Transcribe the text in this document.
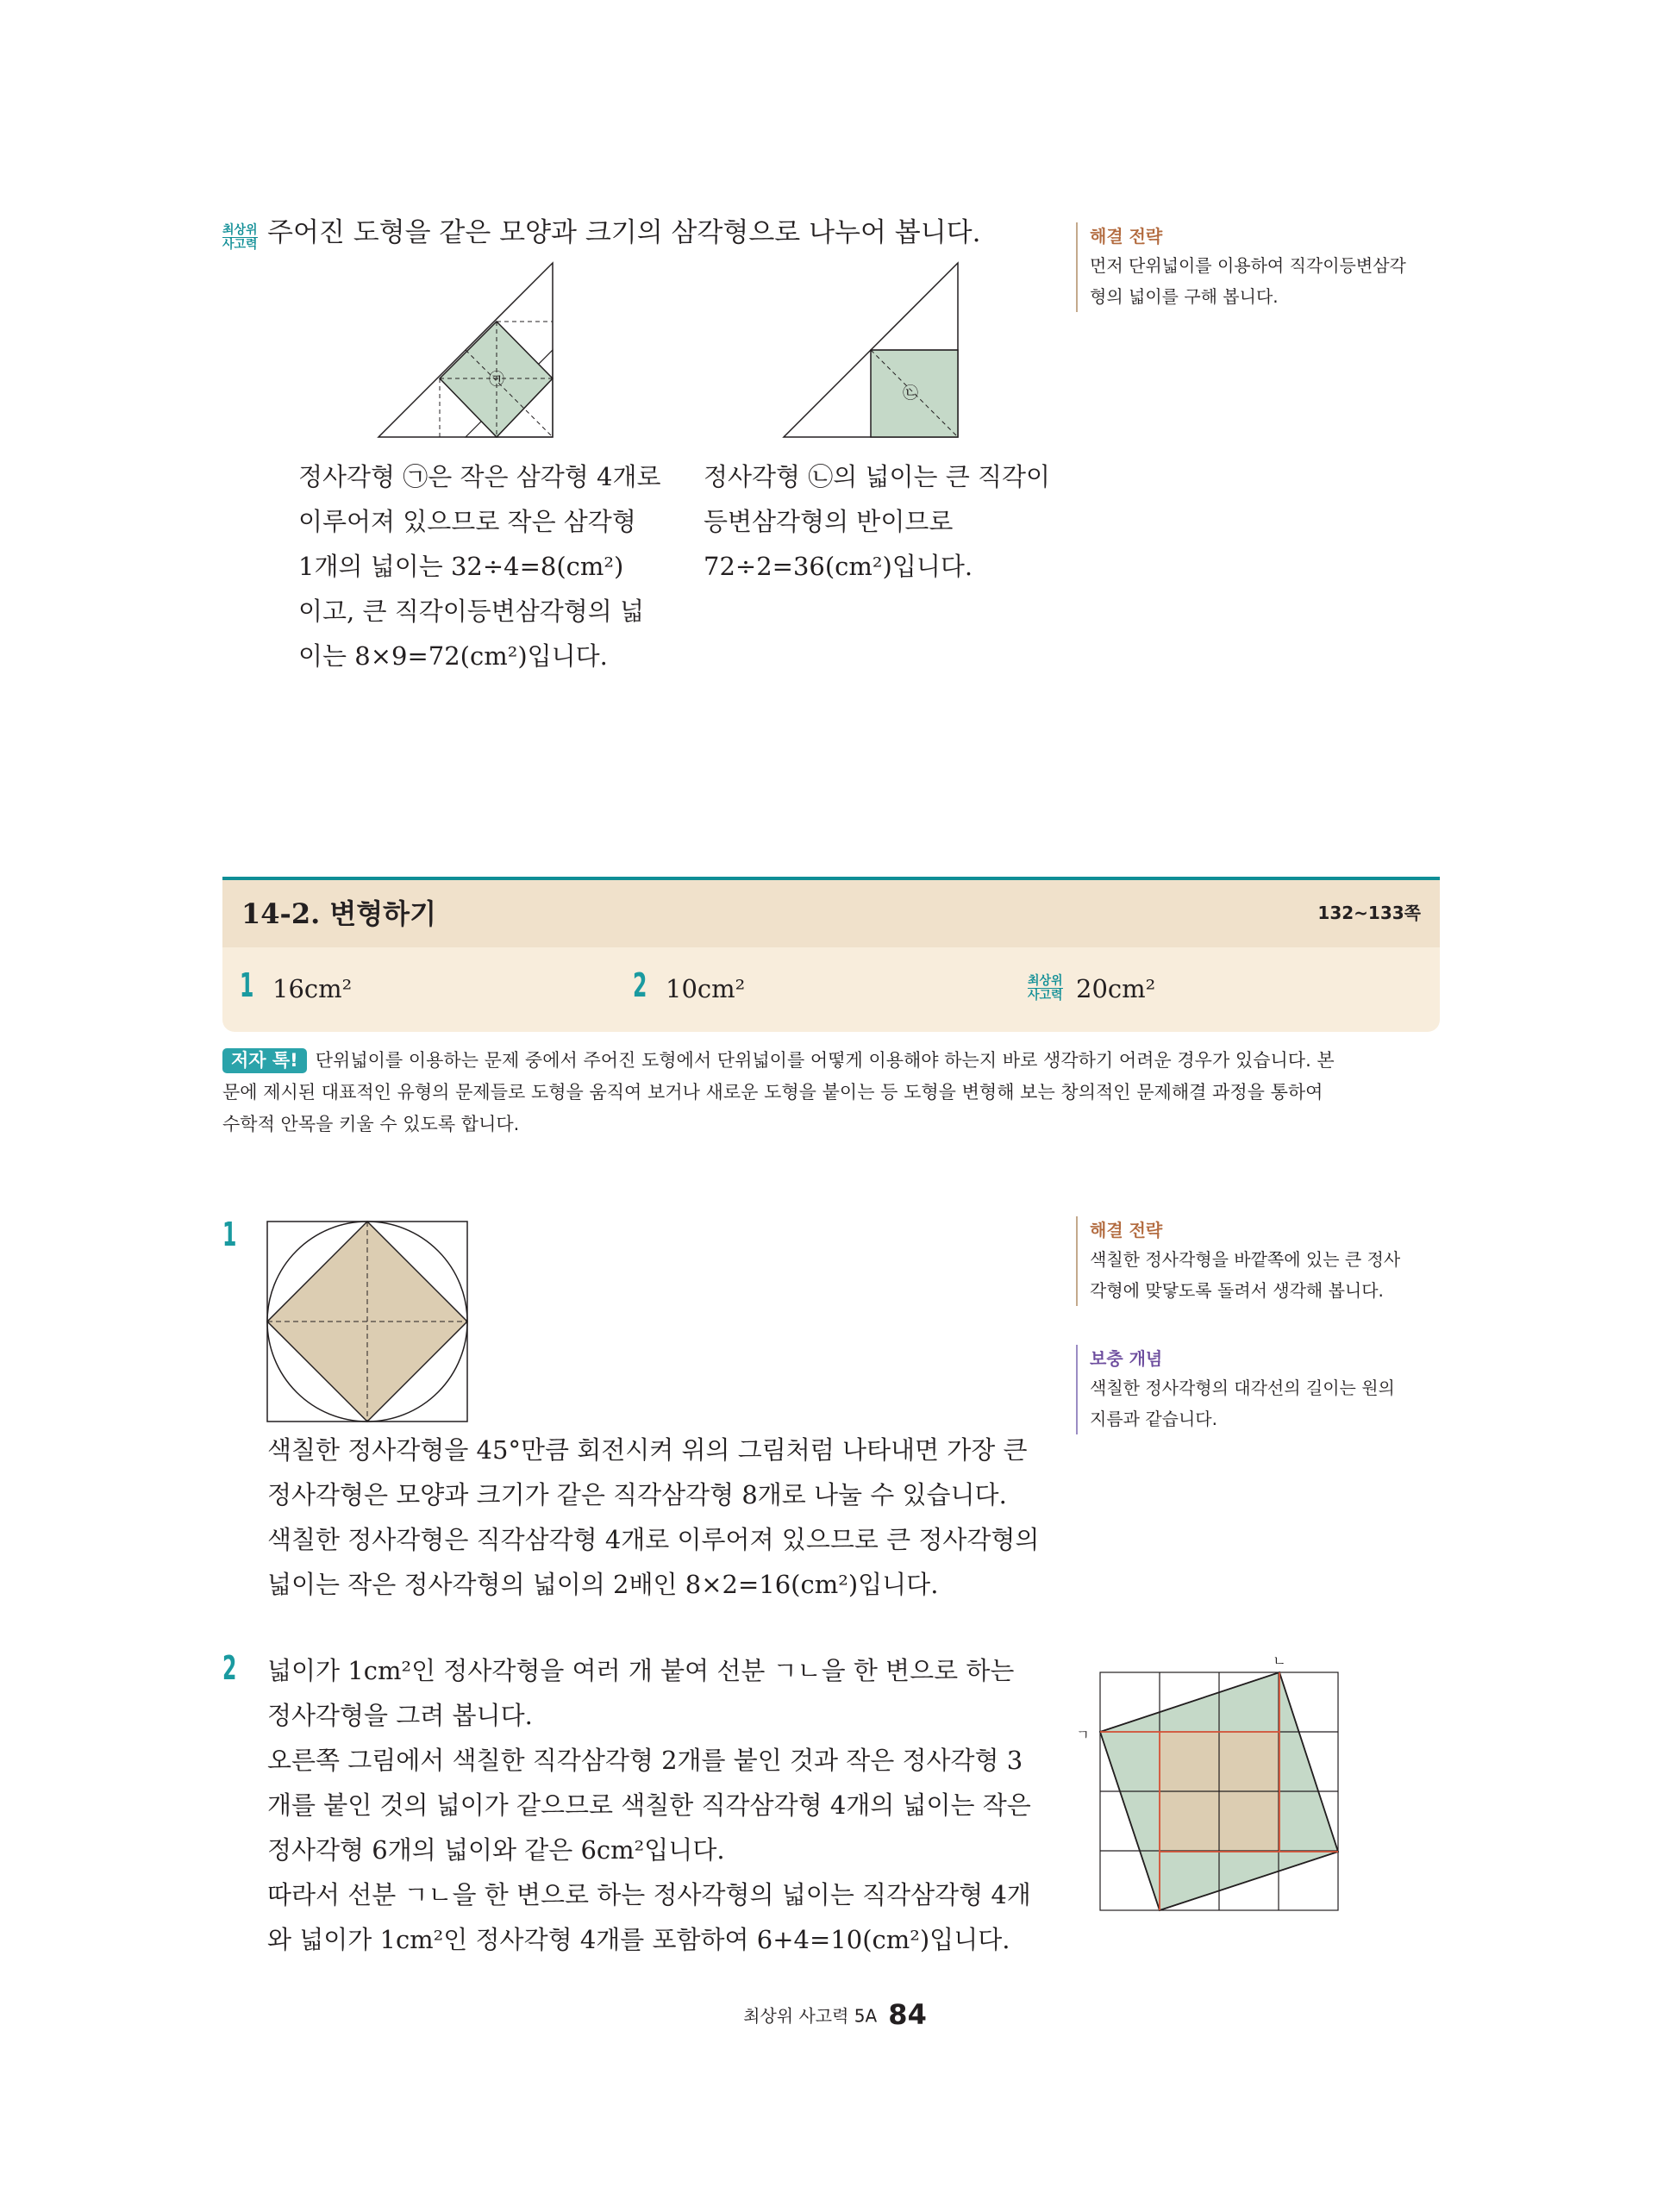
최상위
사고력 주어진 도형을 같은 모양과 크기의 삼각형으로 나누어 봅니다.
㉠
㉡
정사각형 ㉠은 작은 삼각형 4개로
이루어져 있으므로 작은 삼각형
1개의 넓이는 32÷4=8(cm²)
이고, 큰 직각이등변삼각형의 넓
이는 8×9=72(cm²)입니다.
정사각형 ㉡의 넓이는 큰 직각이
등변삼각형의 반이므로
72÷2=36(cm²)입니다.
해결 전략
먼저 단위넓이를 이용하여 직각이등변삼각
형의 넓이를 구해 봅니다.
14-2. 변형하기	132~133쪽
1 16cm²	2 10cm²	최상위
사고력 20cm²
저자 톡! 단위넓이를 이용하는 문제 중에서 주어진 도형에서 단위넓이를 어떻게 이용해야 하는지 바로 생각하기 어려운 경우가 있습니다. 본
문에 제시된 대표적인 유형의 문제들로 도형을 움직여 보거나 새로운 도형을 붙이는 등 도형을 변형해 보는 창의적인 문제해결 과정을 통하여
수학적 안목을 키울 수 있도록 합니다.
1
색칠한 정사각형을 45°만큼 회전시켜 위의 그림처럼 나타내면 가장 큰
정사각형은 모양과 크기가 같은 직각삼각형 8개로 나눌 수 있습니다.
색칠한 정사각형은 직각삼각형 4개로 이루어져 있으므로 큰 정사각형의
넓이는 작은 정사각형의 넓이의 2배인 8×2=16(cm²)입니다.
해결 전략
색칠한 정사각형을 바깥쪽에 있는 큰 정사
각형에 맞닿도록 돌려서 생각해 봅니다.
보충 개념
색칠한 정사각형의 대각선의 길이는 원의
지름과 같습니다.
2 넓이가 1cm²인 정사각형을 여러 개 붙여 선분 ㄱㄴ을 한 변으로 하는
정사각형을 그려 봅니다.
오른쪽 그림에서 색칠한 직각삼각형 2개를 붙인 것과 작은 정사각형 3
개를 붙인 것의 넓이가 같으므로 색칠한 직각삼각형 4개의 넓이는 작은
정사각형 6개의 넓이와 같은 6cm²입니다.
따라서 선분 ㄱㄴ을 한 변으로 하는 정사각형의 넓이는 직각삼각형 4개
와 넓이가 1cm²인 정사각형 4개를 포함하여 6+4=10(cm²)입니다.
ㄱ
ㄴ
최상위 사고력 5A 84
